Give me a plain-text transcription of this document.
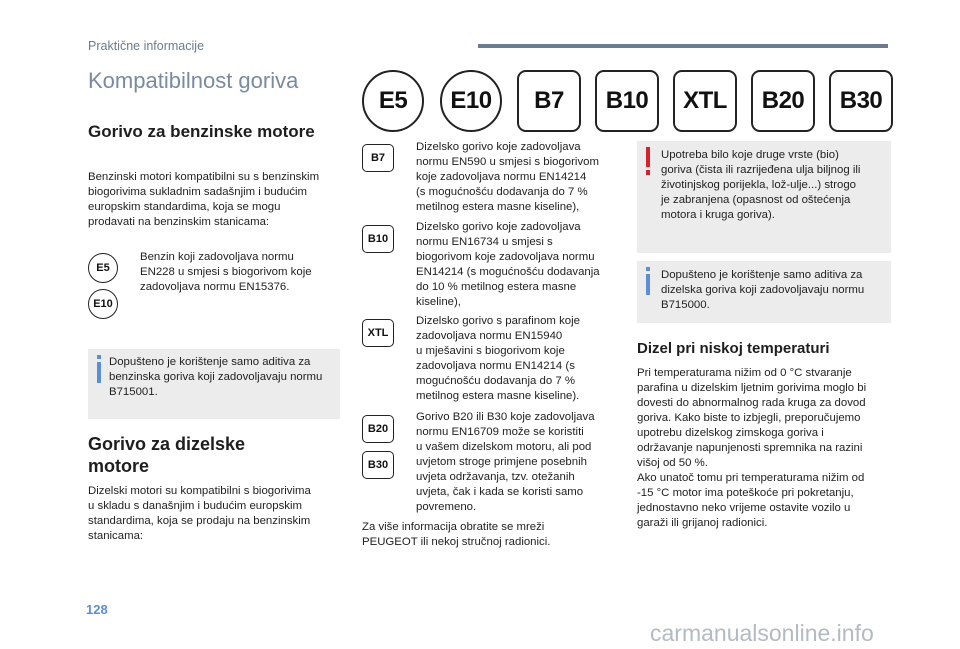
Praktične informacije
Kompatibilnost goriva
E5	E10	B7	B10	XTL	B20	B30
Gorivo za benzinske motore

Benzinski motori kompatibilni su s benzinskim
biogorivima sukladnim sadašnjim i budućim
europskim standardima, koja se mogu
prodavati na benzinskim stanicama:

E5
E10

Benzin koji zadovoljava normu
EN228 u smjesi s biogorivom koje
zadovoljava normu EN15376.

Dopušteno je korištenje samo aditiva za
benzinska goriva koji zadovoljavaju normu
B715001.

Gorivo za dizelske
motore

Dizelski motori su kompatibilni s biogorivima
u skladu s današnjim i budućim europskim
standardima, koja se prodaju na benzinskim
stanicama:

B7

Dizelsko gorivo koje zadovoljava
normu EN590 u smjesi s biogorivom
koje zadovoljava normu EN14214
(s mogućnošću dodavanja do 7 %
metilnog estera masne kiseline),

B10

Dizelsko gorivo koje zadovoljava
normu EN16734 u smjesi s
biogorivom koje zadovoljava normu
EN14214 (s mogućnošću dodavanja
do 10 % metilnog estera masne
kiseline),

XTL

Dizelsko gorivo s parafinom koje
zadovoljava normu EN15940
u mješavini s biogorivom koje
zadovoljava normu EN14214 (s
mogućnošću dodavanja do 7 %
metilnog estera masne kiseline).

B20
B30

Gorivo B20 ili B30 koje zadovoljava
normu EN16709 može se koristiti
u vašem dizelskom motoru, ali pod
uvjetom stroge primjene posebnih
uvjeta održavanja, tzv. otežanih
uvjeta, čak i kada se koristi samo
povremeno.

Za više informacija obratite se mreži
PEUGEOT ili nekoj stručnoj radionici.

Upotreba bilo koje druge vrste (bio)
goriva (čista ili razrijeđena ulja biljnog ili
životinjskog porijekla, lož-ulje...) strogo
je zabranjena (opasnost od oštećenja
motora i kruga goriva).

Dopušteno je korištenje samo aditiva za
dizelska goriva koji zadovoljavaju normu
B715000.

Dizel pri niskoj temperaturi

Pri temperaturama nižim od 0 °C stvaranje
parafina u dizelskim ljetnim gorivima moglo bi
dovesti do abnormalnog rada kruga za dovod
goriva. Kako biste to izbjegli, preporučujemo
upotrebu dizelskog zimskoga goriva i
održavanje napunjenosti spremnika na razini
višoj od 50 %.
Ako unatoč tomu pri temperaturama nižim od
-15 °C motor ima poteškoće pri pokretanju,
jednostavno neko vrijeme ostavite vozilo u
garaži ili grijanoj radionici.

128
carmanualsonline.info
